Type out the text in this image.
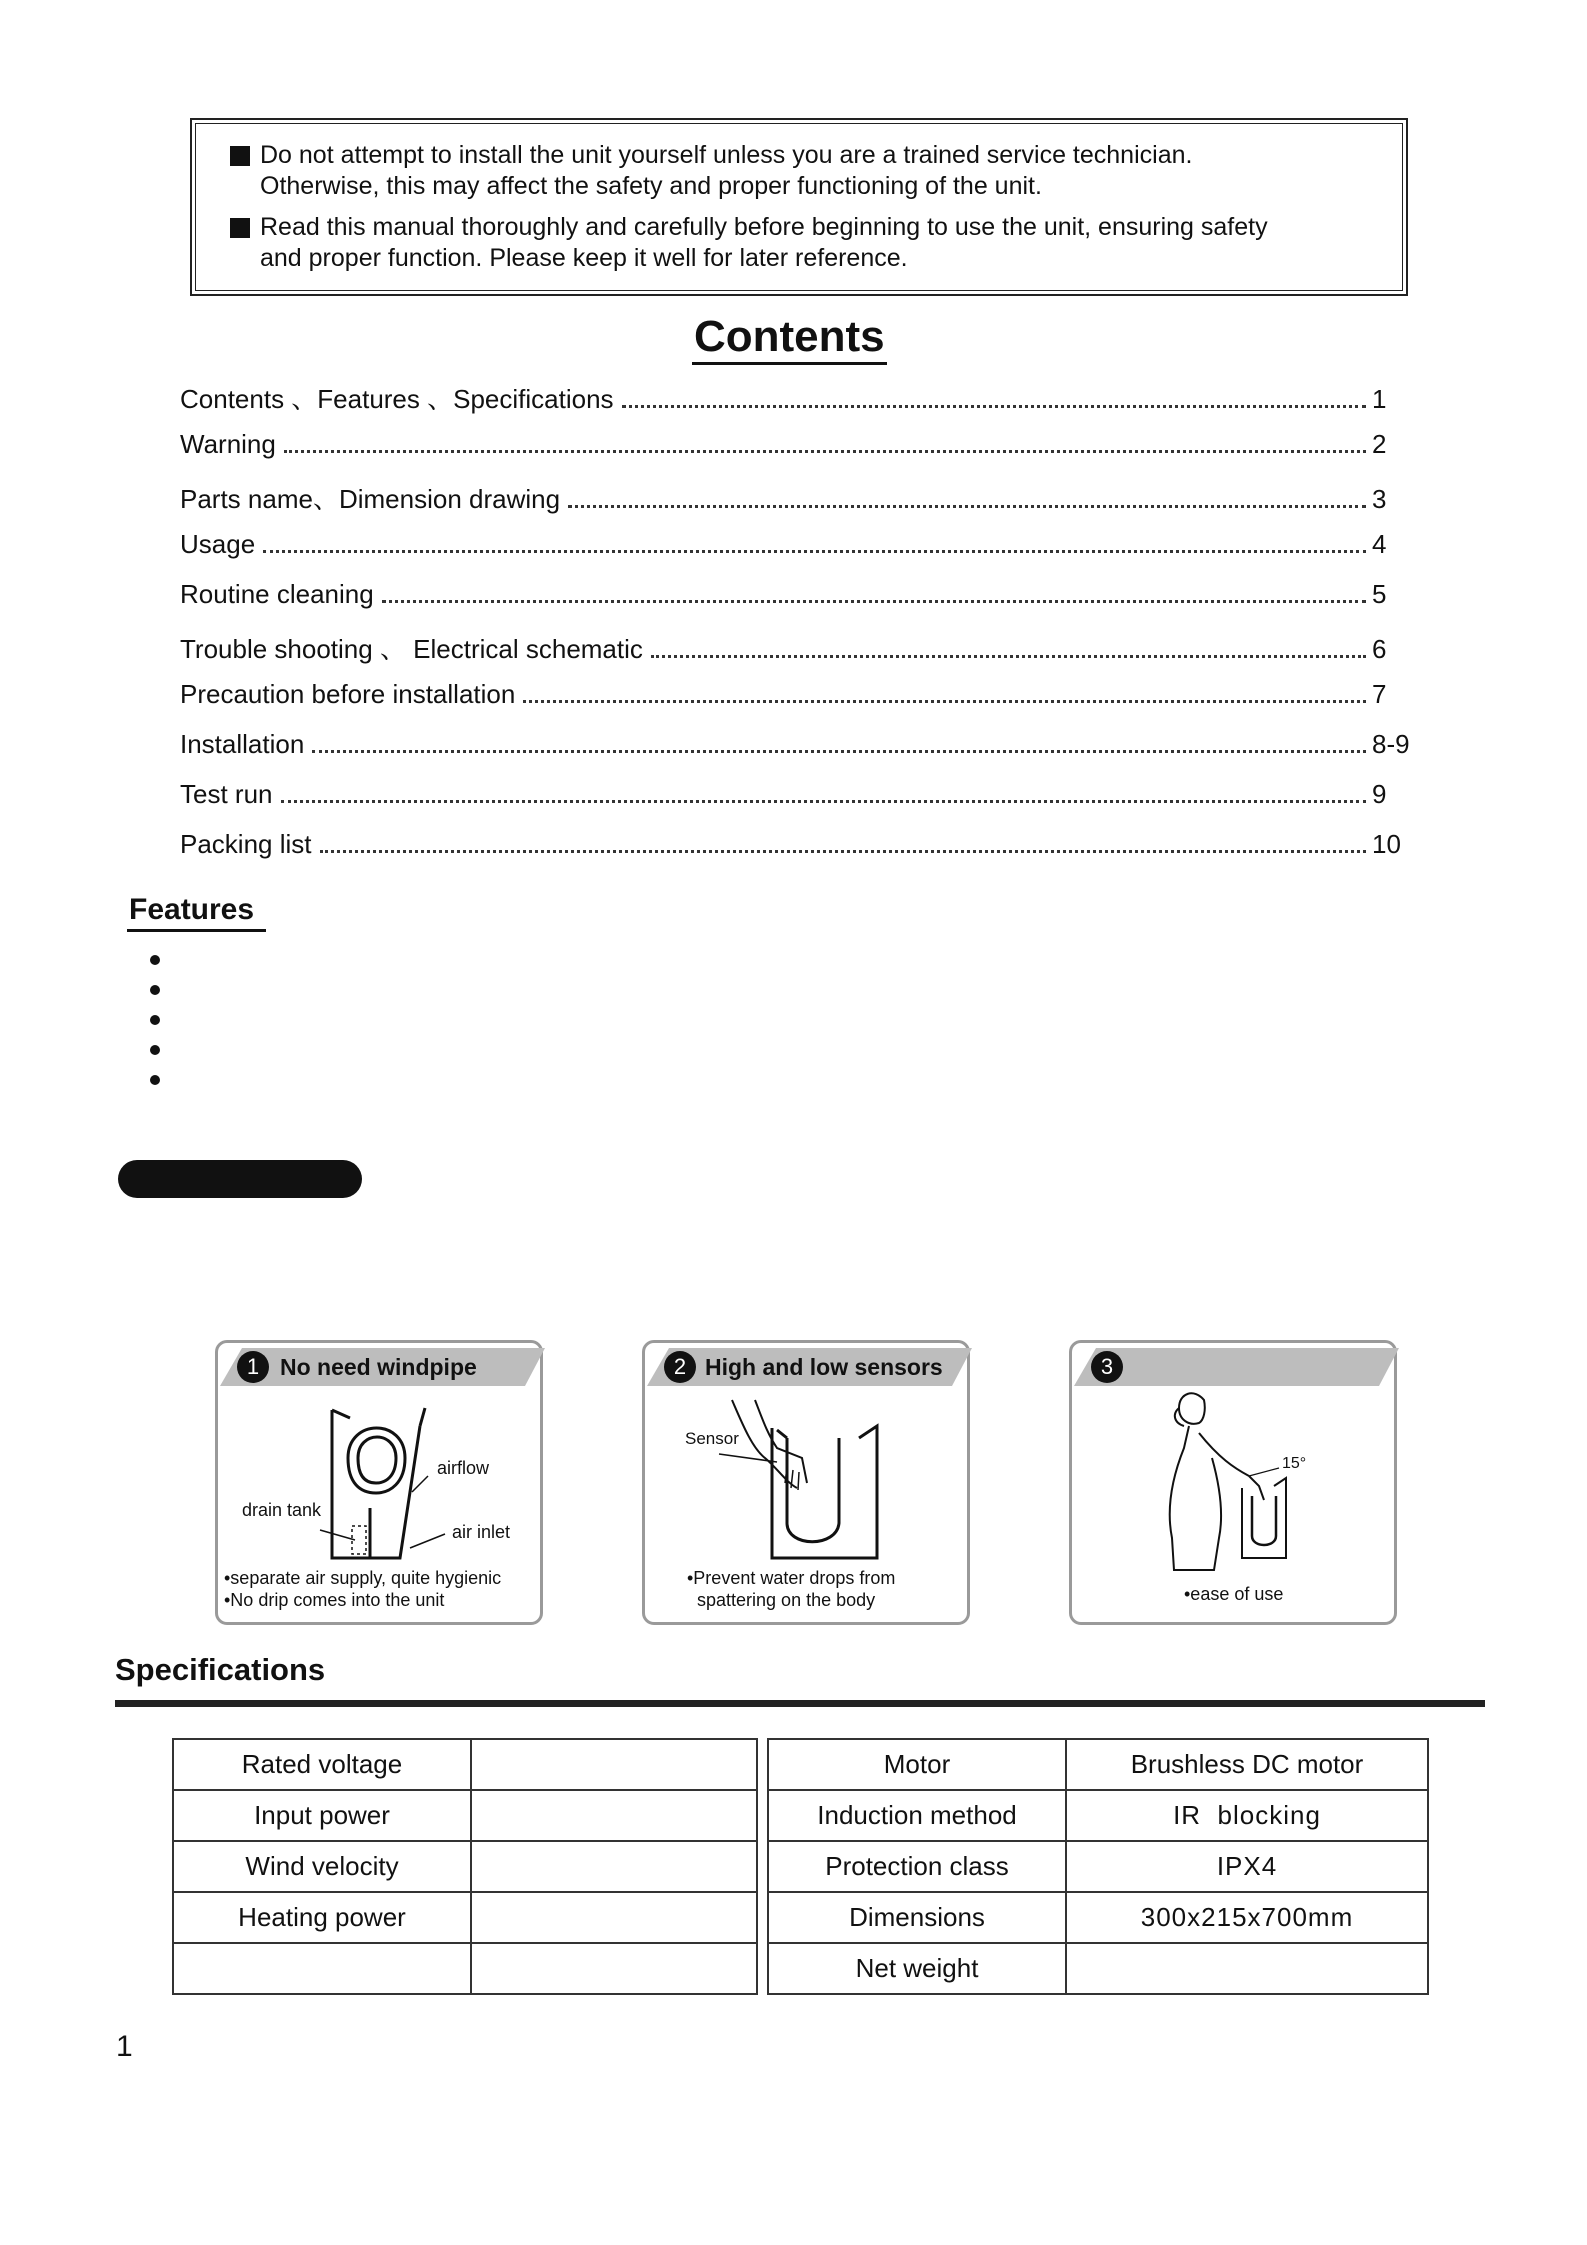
Do not attempt to install the unit yourself unless you are a trained service technician.
Otherwise, this may affect the safety and proper functioning of the unit.
Read this manual thoroughly and carefully before beginning to use the unit, ensuring safety
and proper function. Please keep it well for later reference.
Contents
Contents 、Features 、Specifications	1
Warning	2
Parts name、Dimension drawing	3
Usage	4
Routine cleaning	5
Trouble shooting 、 Electrical schematic	6
Precaution before installation	7
Installation	8-9
Test run	9
Packing list	10
Features
1 No need windpipe
airflow
drain tank
air inlet
•separate air supply, quite hygienic
•No drip comes into the unit
2 High and low sensors
Sensor
•Prevent water drops from
spattering on the body
3
15°
•ease of use
Specifications
Rated voltage	
Input power	
Wind velocity	
Heating power	

Motor	Brushless DC motor
Induction method	IR  blocking
Protection class	IPX4
Dimensions	300x215x700mm
Net weight	
1
